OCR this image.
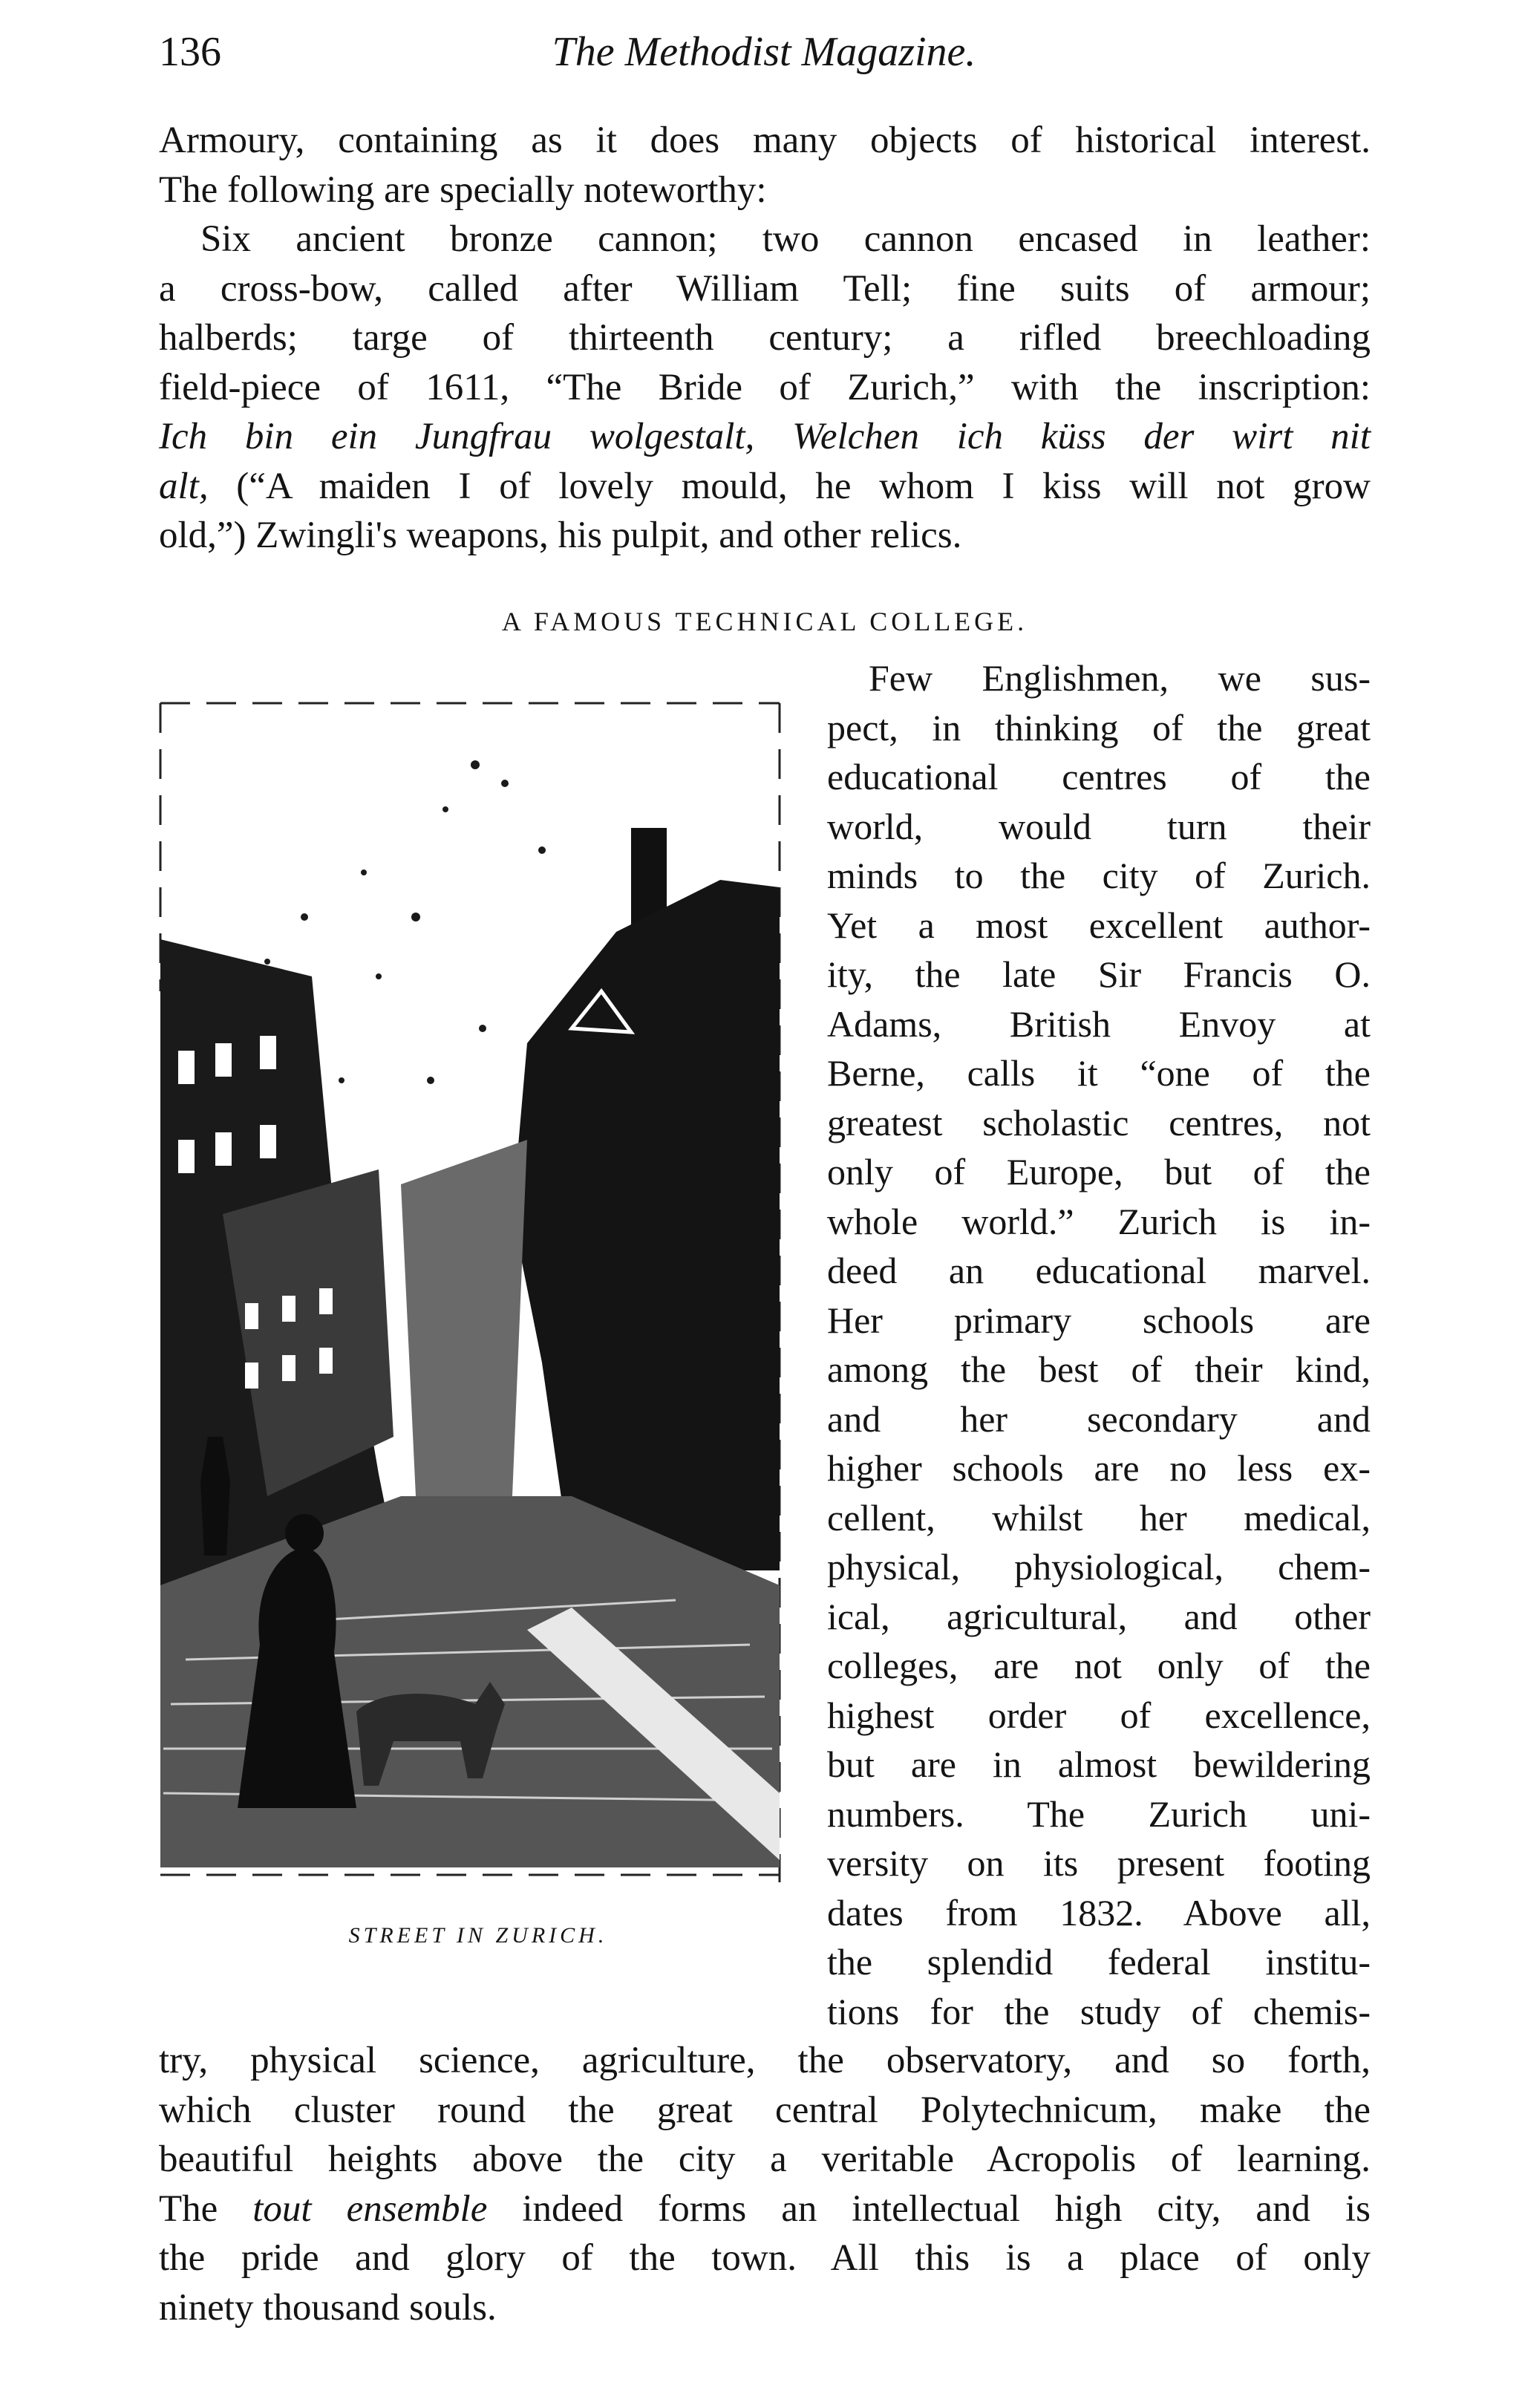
136	The Methodist Magazine.
Armoury, containing as it does many objects of historical interest.
The following are specially noteworthy:
Six ancient bronze cannon; two cannon encased in leather:
a cross-bow, called after William Tell; fine suits of armour;
halberds; targe of thirteenth century; a rifled breechloading
field-piece of 1611, “The Bride of Zurich,” with the inscription:
Ich bin ein Jungfrau wolgestalt, Welchen ich küss der wirt nit
alt, (“A maiden I of lovely mould, he whom I kiss will not grow
old,”) Zwingli's weapons, his pulpit, and other relics.
A FAMOUS TECHNICAL COLLEGE.
STREET IN ZURICH.
Few Englishmen, we sus-
pect, in thinking of the great
educational centres of the
world, would turn their
minds to the city of Zurich.
Yet a most excellent author-
ity, the late Sir Francis O.
Adams, British Envoy at
Berne, calls it “one of the
greatest scholastic centres, not
only of Europe, but of the
whole world.” Zurich is in-
deed an educational marvel.
Her primary schools are
among the best of their kind,
and her secondary and
higher schools are no less ex-
cellent, whilst her medical,
physical, physiological, chem-
ical, agricultural, and other
colleges, are not only of the
highest order of excellence,
but are in almost bewildering
numbers. The Zurich uni-
versity on its present footing
dates from 1832. Above all,
the splendid federal institu-
tions for the study of chemis-
try, physical science, agriculture, the observatory, and so forth,
which cluster round the great central Polytechnicum, make the
beautiful heights above the city a veritable Acropolis of learning.
The tout ensemble indeed forms an intellectual high city, and is
the pride and glory of the town. All this is a place of only
ninety thousand souls.
